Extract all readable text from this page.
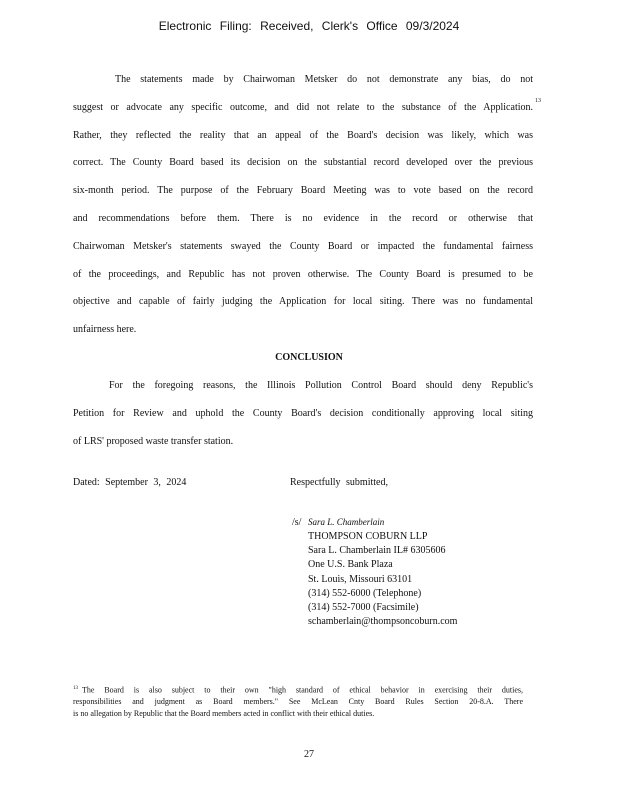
Electronic Filing: Received, Clerk's Office 09/3/2024
The statements made by Chairwoman Metsker do not demonstrate any bias, do not
suggest or advocate any specific outcome, and did not relate to the substance of the Application.
Rather, they reflected the reality that an appeal of the Board's decision was likely, which was
correct. The County Board based its decision on the substantial record developed over the previous
six-month period. The purpose of the February Board Meeting was to vote based on the record
and recommendations before them. There is no evidence in the record or otherwise that
Chairwoman Metsker's statements swayed the County Board or impacted the fundamental fairness
of the proceedings, and Republic has not proven otherwise. The County Board is presumed to be
objective and capable of fairly judging the Application for local siting. There was no fundamental
unfairness here.
13
CONCLUSION
For the foregoing reasons, the Illinois Pollution Control Board should deny Republic's
Petition for Review and uphold the County Board's decision conditionally approving local siting
of LRS' proposed waste transfer station.
Dated: September 3, 2024	Respectfully submitted,
/s/ Sara L. Chamberlain
THOMPSON COBURN LLP
Sara L. Chamberlain IL# 6305606
One U.S. Bank Plaza
St. Louis, Missouri 63101
(314) 552-6000 (Telephone)
(314) 552-7000 (Facsimile)
schamberlain@thompsoncoburn.com
$^{13}$ The Board is also subject to their own "high standard of ethical behavior in exercising their duties,
responsibilities and judgment as Board members." See McLean Cnty Board Rules Section 20-8.A. There
is no allegation by Republic that the Board members acted in conflict with their ethical duties.
27
